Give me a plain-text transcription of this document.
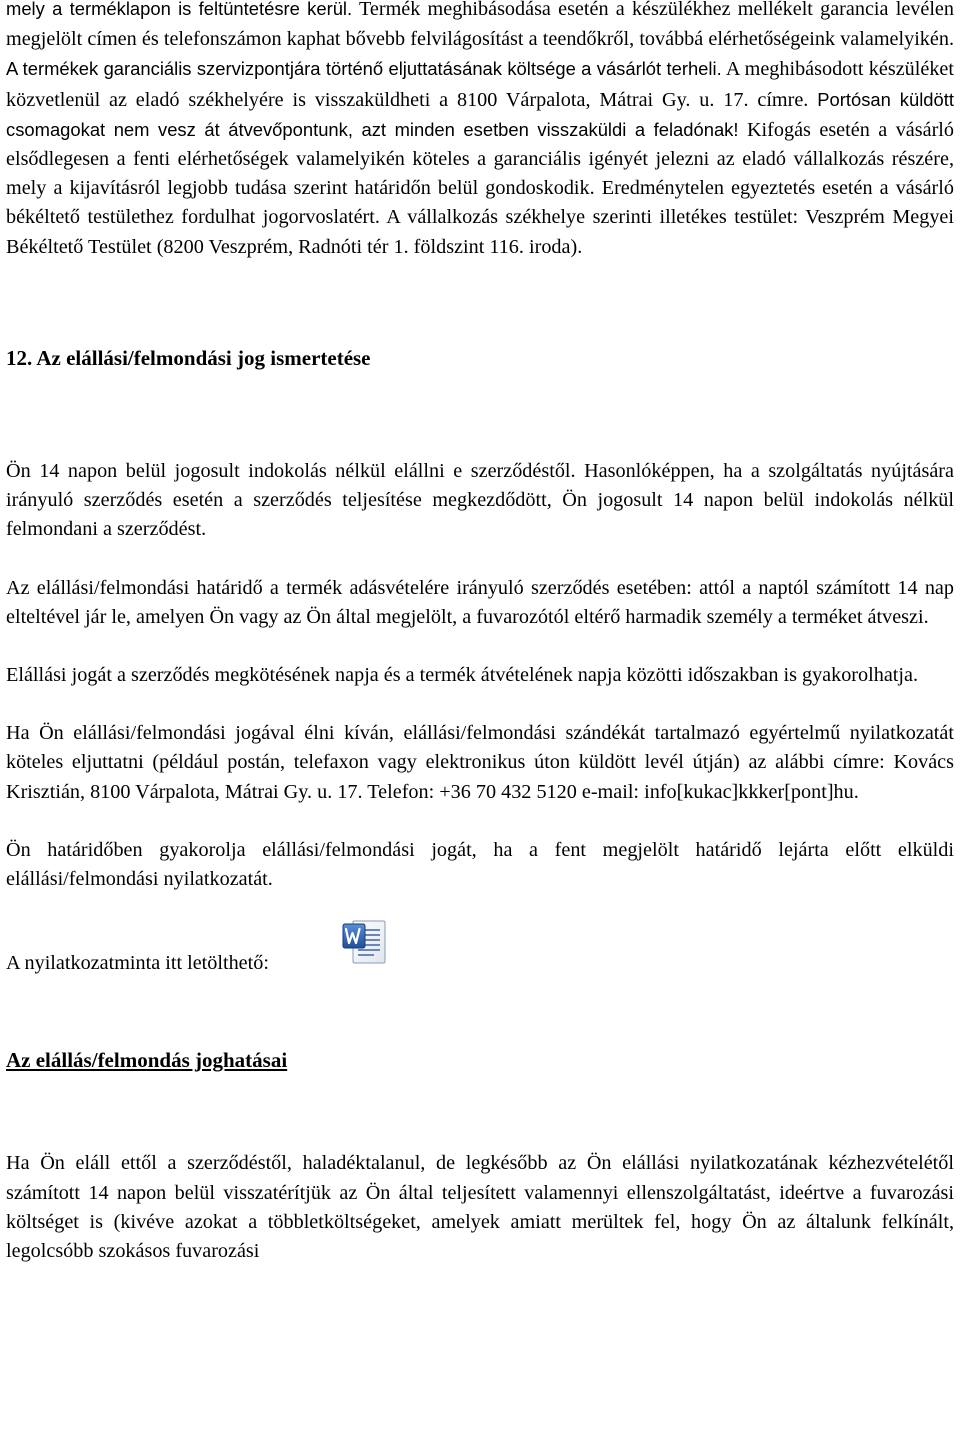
mely a terméklapon is feltüntetésre kerül. Termék meghibásodása esetén a készülékhez mellékelt garancia levélen megjelölt címen és telefonszámon kaphat bővebb felvilágosítást a teendőkről, továbbá elérhetőségeink valamelyikén. A termékek garanciális szervizpontjára történő eljuttatásának költsége a vásárlót terheli. A meghibásodott készüléket közvetlenül az eladó székhelyére is visszaküldheti a 8100 Várpalota, Mátrai Gy. u. 17. címre. Portósan küldött csomagokat nem vesz át átvevőpontunk, azt minden esetben visszaküldi a feladónak! Kifogás esetén a vásárló elsődlegesen a fenti elérhetőségek valamelyikén köteles a garanciális igényét jelezni az eladó vállalkozás részére, mely a kijavításról legjobb tudása szerint határidőn belül gondoskodik. Eredménytelen egyeztetés esetén a vásárló békéltető testülethez fordulhat jogorvoslatért. A vállalkozás székhelye szerinti illetékes testület: Veszprém Megyei Békéltető Testület (8200 Veszprém, Radnóti tér 1. földszint 116. iroda).

12. Az elállási/felmondási jog ismertetése

Ön 14 napon belül jogosult indokolás nélkül elállni e szerződéstől. Hasonlóképpen, ha a szolgáltatás nyújtására irányuló szerződés esetén a szerződés teljesítése megkezdődött, Ön jogosult 14 napon belül indokolás nélkül felmondani a szerződést.

Az elállási/felmondási határidő a termék adásvételére irányuló szerződés esetében: attól a naptól számított 14 nap elteltével jár le, amelyen Ön vagy az Ön által megjelölt, a fuvarozótól eltérő harmadik személy a terméket átveszi.

Elállási jogát a szerződés megkötésének napja és a termék átvételének napja közötti időszakban is gyakorolhatja.

Ha Ön elállási/felmondási jogával élni kíván, elállási/felmondási szándékát tartalmazó egyértelmű nyilatkozatát köteles eljuttatni (például postán, telefaxon vagy elektronikus úton küldött levél útján) az alábbi címre: Kovács Krisztián, 8100 Várpalota, Mátrai Gy. u. 17. Telefon: +36 70 432 5120 e-mail: info[kukac]kkker[pont]hu.

Ön határidőben gyakorolja elállási/felmondási jogát, ha a fent megjelölt határidő lejárta előtt elküldi elállási/felmondási nyilatkozatát.

A nyilatkozatminta itt letölthető:

Az elállás/felmondás joghatásai

Ha Ön eláll ettől a szerződéstől, haladéktalanul, de legkésőbb az Ön elállási nyilatkozatának kézhezvételétől számított 14 napon belül visszatérítjük az Ön által teljesített valamennyi ellenszolgáltatást, ideértve a fuvarozási költséget is (kivéve azokat a többletköltségeket, amelyek amiatt merültek fel, hogy Ön az általunk felkínált, legolcsóbb szokásos fuvarozási
